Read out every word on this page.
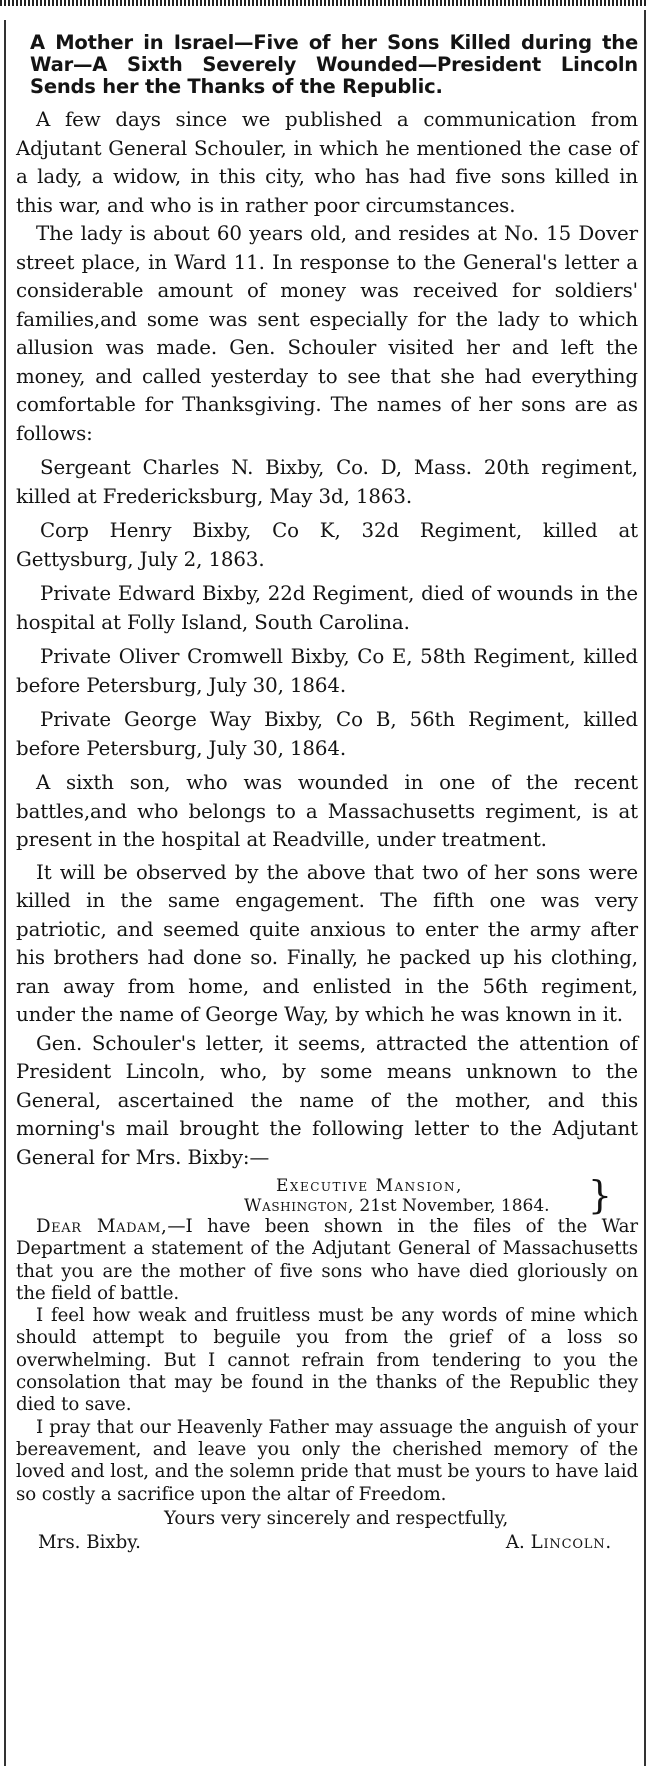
A Mother in Israel—Five of her Sons Killed during the War—A Sixth Severely Wounded—President Lincoln Sends her the Thanks of the Republic.

A few days since we published a communication from Adjutant General Schouler, in which he mentioned the case of a lady, a widow, in this city, who has had five sons killed in this war, and who is in rather poor circumstances.

The lady is about 60 years old, and resides at No. 15 Dover street place, in Ward 11. In response to the General's letter a considerable amount of money was received for soldiers' families,and some was sent especially for the lady to which allusion was made. Gen. Schouler visited her and left the money, and called yesterday to see that she had everything comfortable for Thanksgiving. The names of her sons are as follows:

Sergeant Charles N. Bixby, Co. D, Mass. 20th regiment, killed at Fredericksburg, May 3d, 1863.

Corp Henry Bixby, Co K, 32d Regiment, killed at Gettysburg, July 2, 1863.

Private Edward Bixby, 22d Regiment, died of wounds in the hospital at Folly Island, South Carolina.

Private Oliver Cromwell Bixby, Co E, 58th Regiment, killed before Petersburg, July 30, 1864.

Private George Way Bixby, Co B, 56th Regiment, killed before Petersburg, July 30, 1864.

A sixth son, who was wounded in one of the recent battles,and who belongs to a Massachusetts regiment, is at present in the hospital at Readville, under treatment.

It will be observed by the above that two of her sons were killed in the same engagement. The fifth one was very patriotic, and seemed quite anxious to enter the army after his brothers had done so. Finally, he packed up his clothing, ran away from home, and enlisted in the 56th regiment, under the name of George Way, by which he was known in it.

Gen. Schouler's letter, it seems, attracted the attention of President Lincoln, who, by some means unknown to the General, ascertained the name of the mother, and this morning's mail brought the following letter to the Adjutant General for Mrs. Bixby:—

Executive Mansion,
Washington, 21st November, 1864.	}

Dear Madam,—I have been shown in the files of the War Department a statement of the Adjutant General of Massachusetts that you are the mother of five sons who have died gloriously on the field of battle.

I feel how weak and fruitless must be any words of mine which should attempt to beguile you from the grief of a loss so overwhelming. But I cannot refrain from tendering to you the consolation that may be found in the thanks of the Republic they died to save.

I pray that our Heavenly Father may assuage the anguish of your bereavement, and leave you only the cherished memory of the loved and lost, and the solemn pride that must be yours to have laid so costly a sacrifice upon the altar of Freedom.

Yours very sincerely and respectfully,

Mrs. Bixby.	A. Lincoln.
